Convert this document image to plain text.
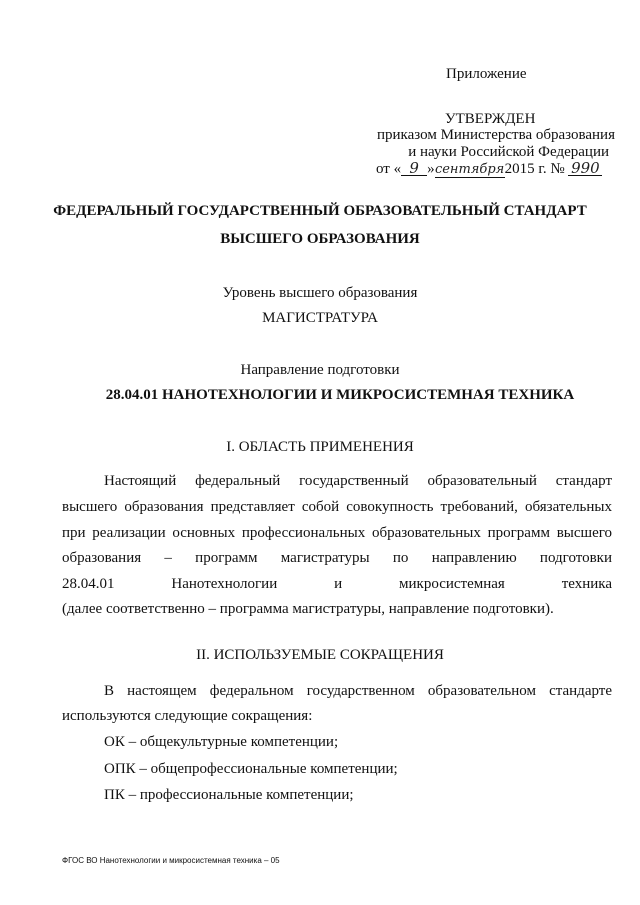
Приложение
УТВЕРЖДЕН
приказом Министерства образования
и науки Российской Федерации
от « 9 »сентября2015 г. № 990
ФЕДЕРАЛЬНЫЙ ГОСУДАРСТВЕННЫЙ ОБРАЗОВАТЕЛЬНЫЙ СТАНДАРТ
ВЫСШЕГО ОБРАЗОВАНИЯ
Уровень высшего образования
МАГИСТРАТУРА
Направление подготовки
28.04.01 НАНОТЕХНОЛОГИИ И МИКРОСИСТЕМНАЯ ТЕХНИКА
I. ОБЛАСТЬ ПРИМЕНЕНИЯ
Настоящий федеральный государственный образовательный стандарт
высшего образования представляет собой совокупность требований, обязательных
при реализации основных профессиональных образовательных программ высшего
образования – программ магистратуры по направлению подготовки
28.04.01 Нанотехнологии и микросистемная техника
(далее соответственно – программа магистратуры, направление подготовки).
II. ИСПОЛЬЗУЕМЫЕ СОКРАЩЕНИЯ
В настоящем федеральном государственном образовательном стандарте
используются следующие сокращения:
ОК – общекультурные компетенции;
ОПК – общепрофессиональные компетенции;
ПК – профессиональные компетенции;
ФГОС ВО Нанотехнологии и микросистемная техника – 05
